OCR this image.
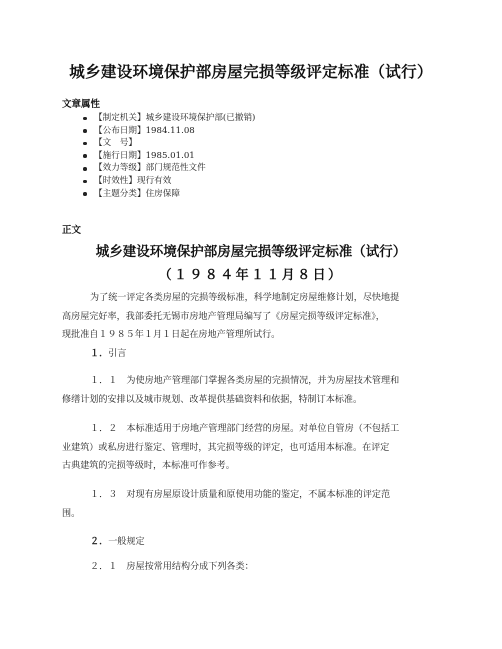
城乡建设环境保护部房屋完损等级评定标准（试行）
文章属性
【制定机关】城乡建设环境保护部(已撤销)
【公布日期】1984.11.08
【文　号】
【施行日期】1985.01.01
【效力等级】部门规范性文件
【时效性】现行有效
【主题分类】住房保障
正文
城乡建设环境保护部房屋完损等级评定标准（试行）
（１９８４年１１月８日）

为了统一评定各类房屋的完损等级标准，科学地制定房屋维修计划，尽快地提
高房屋完好率，我部委托无锡市房地产管理局编写了《房屋完损等级评定标准》，
现批准自１９８５年１月１日起在房地产管理所试行。

１．引言

１．１　为使房地产管理部门掌握各类房屋的完损情况，并为房屋技术管理和
修缮计划的安排以及城市规划、改革提供基础资料和依据，特制订本标准。

１．２　本标准适用于房地产管理部门经营的房屋。对单位自管房（不包括工
业建筑）或私房进行鉴定、管理时，其完损等级的评定，也可适用本标准。在评定
古典建筑的完损等级时，本标准可作参考。

１．３　对现有房屋原设计质量和原使用功能的鉴定，不属本标准的评定范
围。

２．一般规定

２．１　房屋按常用结构分成下列各类：
